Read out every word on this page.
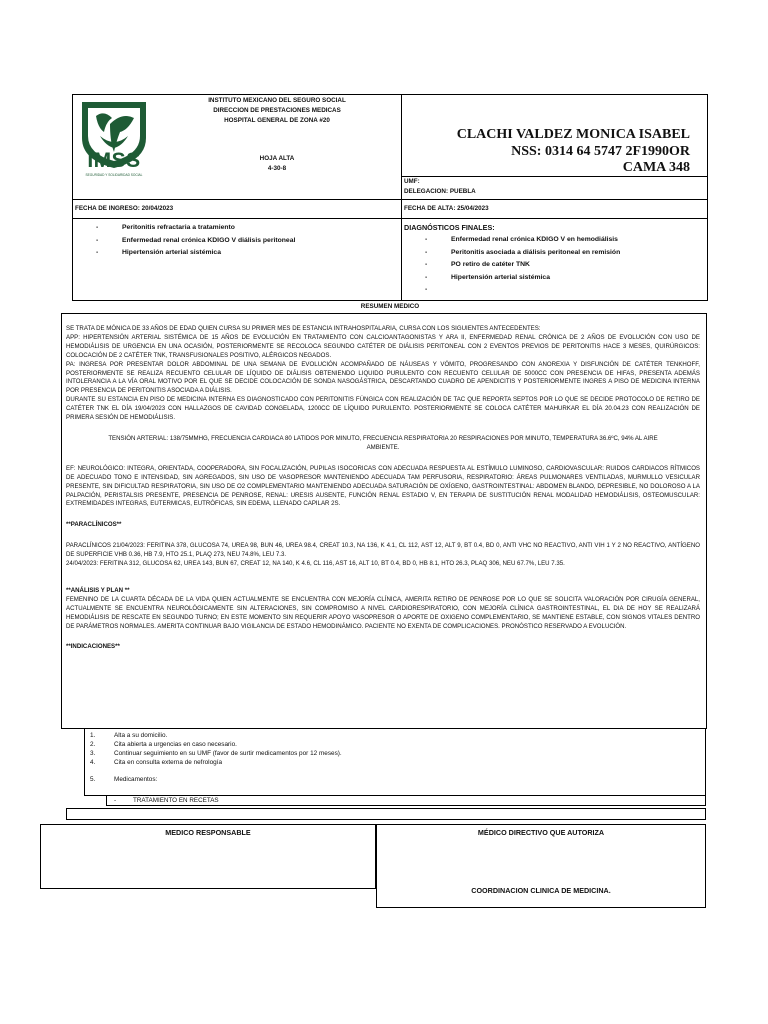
IMSS
SEGURIDAD Y SOLIDARIDAD SOCIAL
INSTITUTO MEXICANO DEL SEGURO SOCIAL
DIRECCION DE PRESTACIONES MEDICAS
HOSPITAL GENERAL DE ZONA #20
HOJA ALTA
4-30-8
CLACHI VALDEZ MONICA ISABEL
NSS: 0314 64 5747 2F1990OR
CAMA 348
UMF:
DELEGACION: PUEBLA
FECHA DE INGRESO: 20/04/2023	FECHA DE ALTA: 25/04/2023
- Peritonitis refractaria a tratamiento
- Enfermedad renal crónica KDIGO V diálisis peritoneal
- Hipertensión arterial sistémica
DIAGNÓSTICOS FINALES:
- Enfermedad renal crónica KDIGO V en hemodiálisis
- Peritonitis asociada a diálisis peritoneal en remisión
- PO retiro de catéter TNK
- Hipertensión arterial sistémica
RESUMEN MEDICO
SE TRATA DE MÓNICA DE 33 AÑOS DE EDAD QUIEN CURSA SU PRIMER MES DE ESTANCIA INTRAHOSPITALARIA, CURSA CON LOS SIGUIENTES ANTECEDENTES:
APP: HIPERTENSIÓN ARTERIAL SISTÉMICA DE 15 AÑOS DE EVOLUCIÓN EN TRATAMIENTO CON CALCIOANTAGONISTAS Y ARA II, ENFERMEDAD RENAL CRÓNICA DE 2 AÑOS DE EVOLUCIÓN CON USO DE HEMODIÁLISIS DE URGENCIA EN UNA OCASIÓN, POSTERIORMENTE SE RECOLOCA SEGUNDO CATÉTER DE DIÁLISIS PERITONEAL CON 2 EVENTOS PREVIOS DE PERITONITIS HACE 3 MESES, QUIRÚRGICOS: COLOCACIÓN DE 2 CATÉTER TNK, TRANSFUSIONALES POSITIVO, ALÉRGICOS NEGADOS.
PA: INGRESA POR PRESENTAR DOLOR ABDOMINAL DE UNA SEMANA DE EVOLUCIÓN ACOMPAÑADO DE NÁUSEAS Y VÓMITO, PROGRESANDO CON ANOREXIA Y DISFUNCIÓN DE CATÉTER TENKHOFF, POSTERIORMENTE SE REALIZA RECUENTO CELULAR DE LÍQUIDO DE DIÁLISIS OBTENIENDO LIQUIDO PURULENTO CON RECUENTO CELULAR DE 5000CC CON PRESENCIA DE HIFAS, PRESENTA ADEMÁS INTOLERANCIA A LA VÍA ORAL MOTIVO POR EL QUE SE DECIDE COLOCACIÓN DE SONDA NASOGÁSTRICA, DESCARTANDO CUADRO DE APENDICITIS Y POSTERIORMENTE INGRES A PISO DE MEDICINA INTERNA POR PRESENCIA DE PERITONITIS ASOCIADA A DIÁLISIS.
DURANTE SU ESTANCIA EN PISO DE MEDICINA INTERNA ES DIAGNOSTICADO CON PERITONITIS FÚNGICA CON REALIZACIÓN DE TAC QUE REPORTA SEPTOS POR LO QUE SE DECIDE PROTOCOLO DE RETIRO DE CATÉTER TNK EL DÍA 19/04/2023 CON HALLAZGOS DE CAVIDAD CONGELADA, 1200CC DE LÍQUIDO PURULENTO. POSTERIORMENTE SE COLOCA CATÉTER MAHURKAR EL DÍA 20.04.23 CON REALIZACIÓN DE PRIMERA SESIÓN DE HEMODIÁLISIS.
TENSIÓN ARTERIAL: 138/75MMHG, FRECUENCIA CARDIACA 80 LATIDOS POR MINUTO, FRECUENCIA RESPIRATORIA 20 RESPIRACIONES POR MINUTO, TEMPERATURA 36.6ºC, 94% AL AIRE AMBIENTE.
EF: NEUROLÓGICO: INTEGRA, ORIENTADA, COOPERADORA, SIN FOCALIZACIÓN, PUPILAS ISOCORICAS CON ADECUADA RESPUESTA AL ESTÍMULO LUMINOSO, CARDIOVASCULAR: RUIDOS CARDIACOS RÍTMICOS DE ADECUADO TONO E INTENSIDAD, SIN AGREGADOS, SIN USO DE VASOPRESOR MANTENIENDO ADECUADA TAM PERFUSORIA, RESPIRATORIO: ÁREAS PULMONARES VENTILADAS, MURMULLO VESICULAR PRESENTE, SIN DIFICULTAD RESPIRATORIA, SIN USO DE O2 COMPLEMENTARIO MANTENIENDO ADECUADA SATURACIÓN DE OXÍGENO, GASTROINTESTINAL: ABDOMEN BLANDO, DEPRESIBLE, NO DOLOROSO A LA PALPACIÓN, PERISTALSIS PRESENTE, PRESENCIA DE PENROSE, RENAL: URESIS AUSENTE, FUNCIÓN RENAL ESTADIO V, EN TERAPIA DE SUSTITUCIÓN RENAL MODALIDAD HEMODIÁLISIS, OSTEOMUSCULAR: EXTREMIDADES INTEGRAS, EUTERMICAS, EUTRÓFICAS, SIN EDEMA, LLENADO CAPILAR 2S.
**PARACLÍNICOS**
PARACLÍNICOS 21/04/2023: FERITINA 378, GLUCOSA 74, UREA 98, BUN 46, UREA 98.4, CREAT 10.3, NA 136, K 4.1, CL 112, AST 12, ALT 9, BT 0.4, BD 0, ANTI VHC NO REACTIVO, ANTI VIH 1 Y 2 NO REACTIVO, ANTÍGENO DE SUPERFICIE VHB 0.36, HB 7.9, HTO 25.1, PLAQ 273, NEU 74.8%, LEU 7.3.
24/04/2023: FERITINA 312, GLUCOSA 62, UREA 143, BUN 67, CREAT 12, NA 140, K 4.6, CL 116, AST 16, ALT 10, BT 0.4, BD 0, HB 8.1, HTO 26.3, PLAQ 306, NEU 67.7%, LEU 7.35.
**ANÁLISIS Y PLAN **
FEMENINO DE LA CUARTA DÉCADA DE LA VIDA QUIEN ACTUALMENTE SE ENCUENTRA CON MEJORÍA CLÍNICA, AMERITA RETIRO DE PENROSE POR LO QUE SE SOLICITA VALORACIÓN POR CIRUGÍA GENERAL, ACTUALMENTE SE ENCUENTRA NEUROLÓGICAMENTE SIN ALTERACIONES, SIN COMPROMISO A NIVEL CARDIORESPIRATORIO, CON MEJORÍA CLÍNICA GASTROINTESTINAL, EL DIA DE HOY SE REALIZARÁ HEMODIÁLISIS DE RESCATE EN SEGUNDO TURNO; EN ESTE MOMENTO SIN REQUERIR APOYO VASOPRESOR O APORTE DE OXIGENO COMPLEMENTARIO, SE MANTIENE ESTABLE, CON SIGNOS VITALES DENTRO DE PARÁMETROS NORMALES. AMERITA CONTINUAR BAJO VIGILANCIA DE ESTADO HEMODINÁMICO. PACIENTE NO EXENTA DE COMPLICACIONES. PRONÓSTICO RESERVADO A EVOLUCIÓN.
**INDICACIONES**
1.	Alta a su domicilio.
2.	Cita abierta a urgencias en caso necesario.
3.	Continuar seguimiento en su UMF (favor de surtir medicamentos por 12 meses).
4.	Cita en consulta externa de nefrología
5.	Medicamentos:
-	TRATAMIENTO EN RECETAS
MEDICO RESPONSABLE	MÉDICO DIRECTIVO QUE AUTORIZA
COORDINACION CLINICA DE MEDICINA.
